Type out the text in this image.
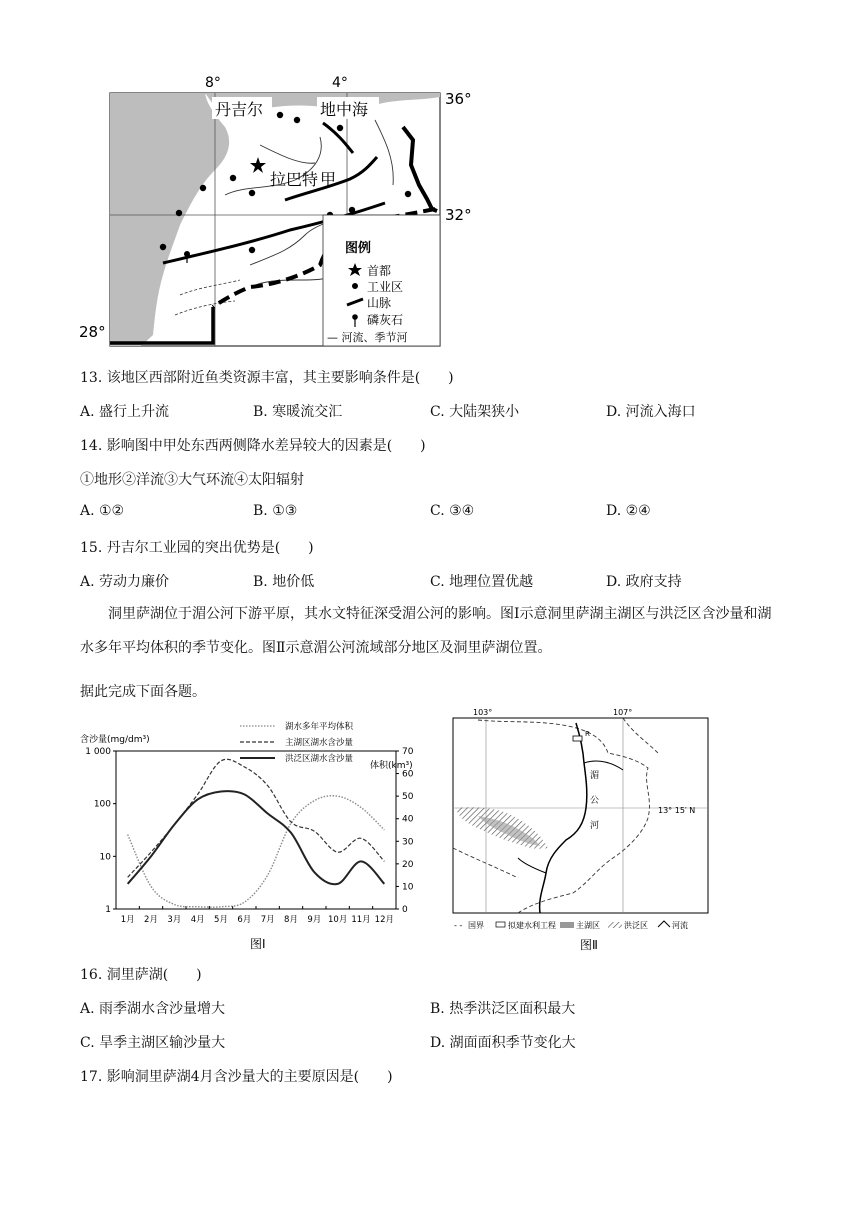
图例
首都
工业区
山脉
磷灰石
— 河流、季节河
8°	4°
36°
32°
28°
丹吉尔	地中海
拉巴特 甲
13. 该地区西部附近鱼类资源丰富，其主要影响条件是(　　)
A. 盛行上升流	B. 寒暖流交汇	C. 大陆架狭小	D. 河流入海口
14. 影响图中甲处东西两侧降水差异较大的因素是(　　)
①地形②洋流③大气环流④太阳辐射
A. ①②	B. ①③	C. ③④	D. ②④
15. 丹吉尔工业园的突出优势是(　　)
A. 劳动力廉价	B. 地价低	C. 地理位置优越	D. 政府支持
洞里萨湖位于湄公河下游平原，其水文特征深受湄公河的影响。图Ⅰ示意洞里萨湖主湖区与洪泛区含沙量和湖水多年平均体积的季节变化。图Ⅱ示意湄公河流域部分地区及洞里萨湖位置。
据此完成下面各题。
含沙量(mg/dm³)
体积(km³)
湖水多年平均体积
主湖区湖水含沙量
洪泛区湖水含沙量
图Ⅰ
1 000
100
10
1
70
60
50
40
30
20
10
0
1月 2月 3月 4月 5月 6月 7月 8月 9月 10月 11月 12月
103°	107°
13° 15′ N
R
湄
公
河
- - 国界	拟建水利工程	主湖区	洪泛区	河流
图Ⅱ
16. 洞里萨湖(　　)
A. 雨季湖水含沙量增大	B. 热季洪泛区面积最大
C. 旱季主湖区输沙量大	D. 湖面面积季节变化大
17. 影响洞里萨湖4月含沙量大的主要原因是(　　)
